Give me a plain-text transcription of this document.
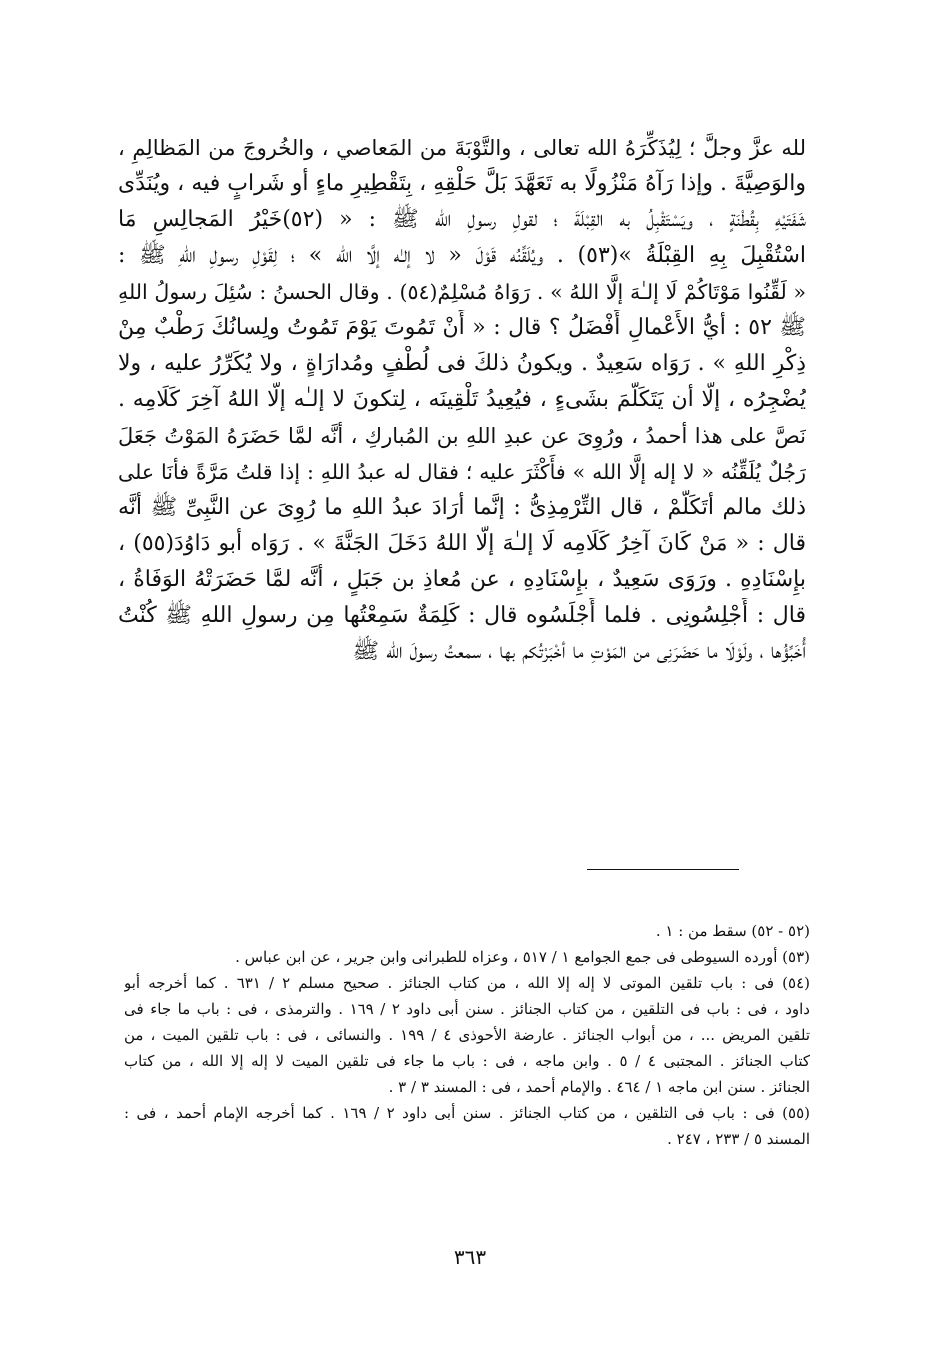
لله عزَّ وجلَّ ؛ لِيُذَكِّرَهُ الله تعالى ، والتَّوْبَةَ من المَعاصي ، والخُروجَ من المَظالِمِ ،
والوَصِيَّةَ . وإذا رَآهُ مَنْزُولًا به تَعَهَّدَ بَلَّ حَلْقِهِ ، بِتَقْطِيرِ ماءٍ أو شَرابٍ فيه ، ويُنَدِّى
شَفَتَيْهِ بِقُطْنَةٍ ، ويَسْتَقْبِلُ به القِبْلَةَ ؛ لقولِ رسولِ الله ﷺ : « (٥٢)خَيْرُ المَجالِسِ مَا
اسْتُقْبِلَ بِهِ القِبْلَةُ »(٥٣) . ويُلَقِّنُه قَوْلَ « لا إلـٰه إلَّا الله » ؛ لِقَوْلِ رسولِ اللهِ ﷺ :
« لَقِّنُوا مَوْتَاكُمْ لَا إلـٰهَ إلَّا اللهُ » . رَوَاهُ مُسْلِمٌ(٥٤) . وقال الحسنُ : سُئِلَ رسولُ اللهِ
ﷺ ٥٢ : أيُّ الأَعْمالِ أَفْضَلُ ؟ قال : « أَنْ تَمُوتَ يَوْمَ تَمُوتُ ولِسانُكَ رَطْبٌ مِنْ
ذِكْرِ اللهِ » . رَوَاه سَعِيدٌ . ويكونُ ذلكَ فى لُطْفٍ ومُدارَاةٍ ، ولا يُكَرِّرُ عليه ، ولا
يُضْجِرُه ، إلَّا أن يَتَكَلَّمَ بشَىءٍ ، فيُعِيدُ تَلْقِينَه ، لِتكونَ لا إلـٰه إلَّا اللهُ آخِرَ كَلَامِه .
نَصَّ على هذا أحمدُ ، ورُوِىَ عن عبدِ اللهِ بن المُباركِ ، أنَّه لمَّا حَضَرَهُ المَوْتُ جَعَلَ
رَجُلٌ يُلَقِّنُه « لا إله إلَّا الله » فأَكْثَرَ عليه ؛ فقال له عبدُ اللهِ : إذا قلتُ مَرَّةً فأنَا على
ذلك مالم أتَكَلَّمْ ، قال التِّرْمِذِىُّ : إنَّما أرَادَ عبدُ اللهِ ما رُوِىَ عن النَّبِىِّ ﷺ أنَّه
قال : « مَنْ كَانَ آخِرُ كَلَامِه لَا إلـٰهَ إلَّا اللهُ دَخَلَ الجَنَّةَ » . رَوَاه أبو دَاوُدَ(٥٥) ،
بإِسْنَادِهِ . ورَوَى سَعِيدٌ ، بإِسْنَادِهِ ، عن مُعاذِ بن جَبَلٍ ، أنَّه لمَّا حَضَرَتْهُ الوَفَاةُ ،
قال : أَجْلِسُونِى . فلما أَجْلَسُوه قال : كَلِمَةٌ سَمِعْتُها مِن رسولِ اللهِ ﷺ كُنْتُ
أُخَبِّؤُها ، ولَوْلَا ما حَضَرَنِى من المَوْتِ ما أخْبَرْتُكم بها ، سمعتُ رسولَ الله ﷺ
(٥٢ - ٥٢) سقط من : ١ .
(٥٣) أورده السيوطى فى جمع الجوامع ١ / ٥١٧ ، وعزاه للطبرانى وابن جرير ، عن ابن عباس .
(٥٤) فى : باب تلقين الموتى لا إله إلا الله ، من كتاب الجنائز . صحيح مسلم ٢ / ٦٣١ . كما أخرجه أبو
داود ، فى : باب فى التلقين ، من كتاب الجنائز . سنن أبى داود ٢ / ١٦٩ . والترمذى ، فى : باب ما جاء فى
تلقين المريض ... ، من أبواب الجنائز . عارضة الأحوذى ٤ / ١٩٩ . والنسائى ، فى : باب تلقين الميت ، من
كتاب الجنائز . المجتبى ٤ / ٥ . وابن ماجه ، فى : باب ما جاء فى تلقين الميت لا إله إلا الله ، من كتاب
الجنائز . سنن ابن ماجه ١ / ٤٦٤ . والإمام أحمد ، فى : المسند ٣ / ٣ .
(٥٥) فى : باب فى التلقين ، من كتاب الجنائز . سنن أبى داود ٢ / ١٦٩ . كما أخرجه الإمام أحمد ، فى :
المسند ٥ / ٢٣٣ ، ٢٤٧ .
٣٦٣
